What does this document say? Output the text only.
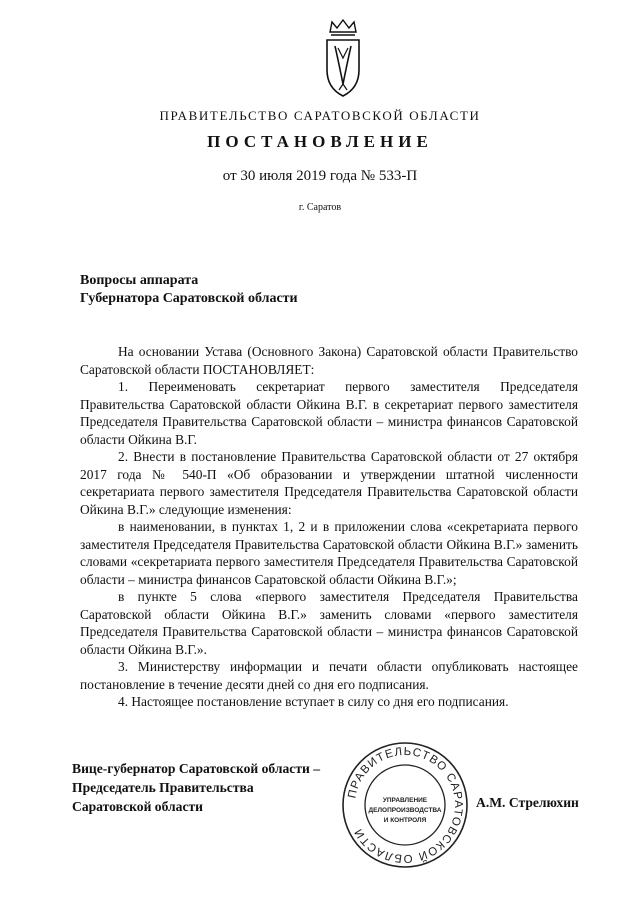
ПРАВИТЕЛЬСТВО САРАТОВСКОЙ ОБЛАСТИ
ПОСТАНОВЛЕНИЕ
от 30 июля 2019 года № 533-П
г. Саратов
Вопросы аппарата
Губернатора Саратовской области

На основании Устава (Основного Закона) Саратовской области Правительство Саратовской области ПОСТАНОВЛЯЕТ:

1. Переименовать секретариат первого заместителя Председателя Правительства Саратовской области Ойкина В.Г. в секретариат первого заместителя Председателя Правительства Саратовской области – министра финансов Саратовской области Ойкина В.Г.

2. Внести в постановление Правительства Саратовской области от 27 октября 2017 года № 540-П «Об образовании и утверждении штатной численности секретариата первого заместителя Председателя Правительства Саратовской области Ойкина В.Г.» следующие изменения:

в наименовании, в пунктах 1, 2 и в приложении слова «секретариата первого заместителя Председателя Правительства Саратовской области Ойкина В.Г.» заменить словами «секретариата первого заместителя Председателя Правительства Саратовской области – министра финансов Саратовской области Ойкина В.Г.»;

в пункте 5 слова «первого заместителя Председателя Правительства Саратовской области Ойкина В.Г.» заменить словами «первого заместителя Председателя Правительства Саратовской области – министра финансов Саратовской области Ойкина В.Г.».

3. Министерству информации и печати области опубликовать настоящее постановление в течение десяти дней со дня его подписания.

4. Настоящее постановление вступает в силу со дня его подписания.

Вице-губернатор Саратовской области –
Председатель Правительства
Саратовской области
ПРАВИТЕЛЬСТВО САРАТОВСКОЙ ОБЛАСТИ
УПРАВЛЕНИЕ
ДЕЛОПРОИЗВОДСТВА
И КОНТРОЛЯ
А.М. Стрелюхин
